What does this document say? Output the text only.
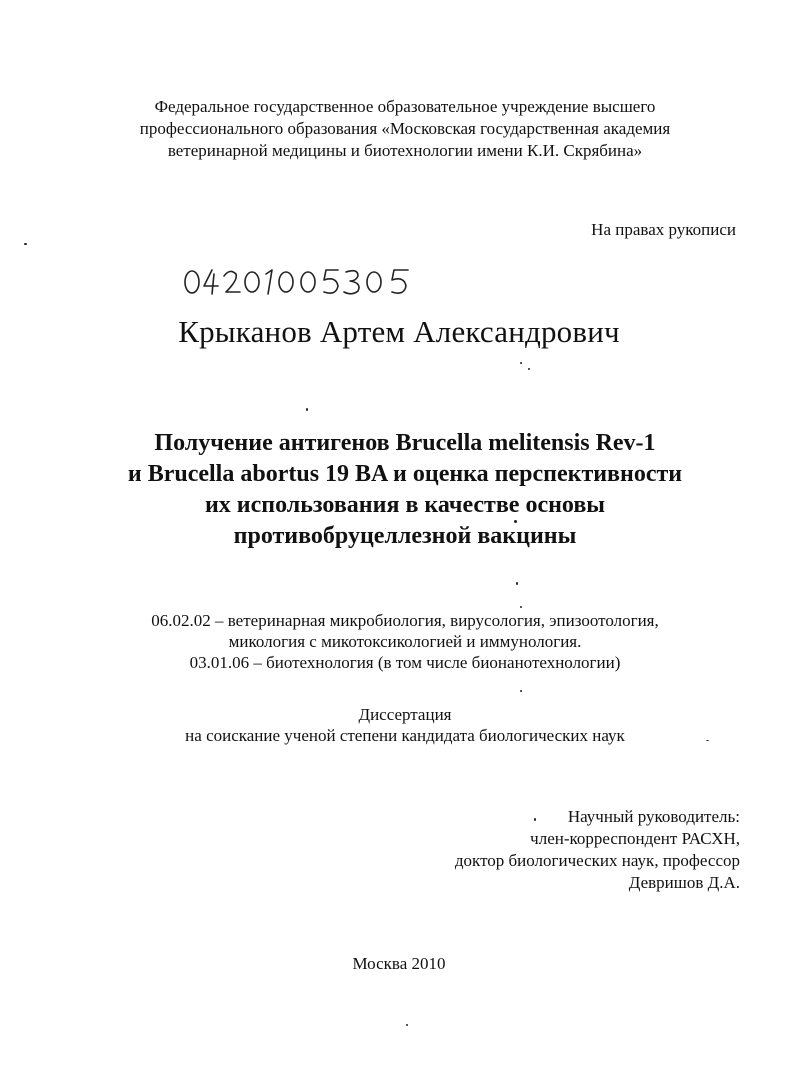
Федеральное государственное образовательное учреждение высшего
профессионального образования «Московская государственная академия
ветеринарной медицины и биотехнологии имени К.И. Скрябина»
На правах рукописи
Крыканов Артем Александрович
Получение антигенов Brucella melitensis Rev-1
и Brucella abortus 19 BA и оценка перспективности
их использования в качестве основы
противобруцеллезной вакцины
06.02.02 – ветеринарная микробиология, вирусология, эпизоотология,
микология с микотоксикологией и иммунология.
03.01.06 – биотехнология (в том числе бионанотехнологии)
Диссертация
на соискание ученой степени кандидата биологических наук
Научный руководитель:
член-корреспондент РАСХН,
доктор биологических наук, профессор
Девришов Д.А.
Москва 2010
